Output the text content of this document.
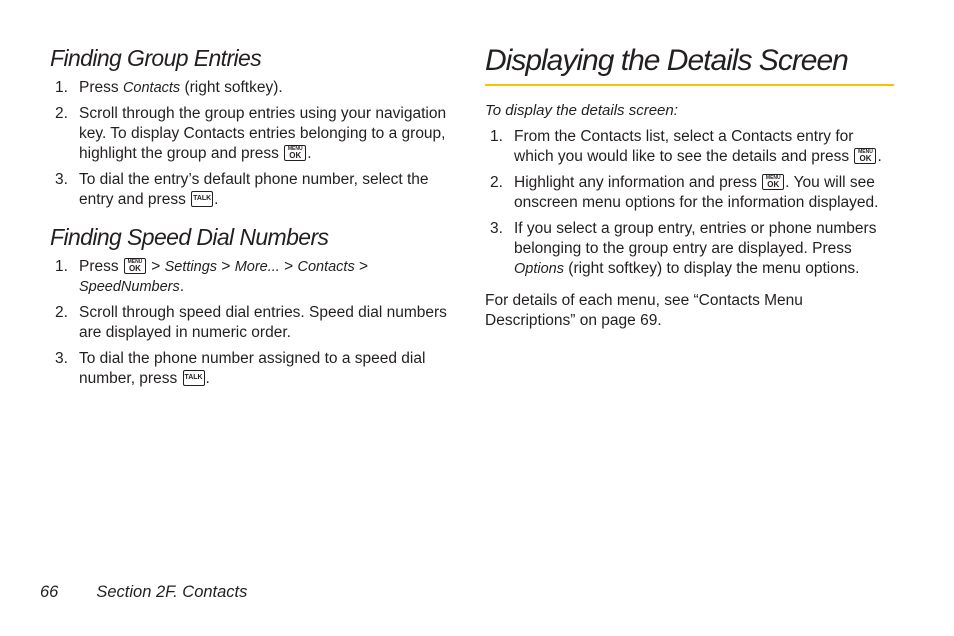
Finding Group Entries
1. Press Contacts (right softkey).
2. Scroll through the group entries using your navigation key. To display Contacts entries belonging to a group, highlight the group and press MENU
OK .
3. To dial the entry’s default phone number, select the entry and press TALK .
Finding Speed Dial Numbers
1. Press MENU
OK > Settings > More... > Contacts > SpeedNumbers.
2. Scroll through speed dial entries. Speed dial numbers are displayed in numeric order.
3. To dial the phone number assigned to a speed dial number, press TALK .
Displaying the Details Screen

To display the details screen:

1. From the Contacts list, select a Contacts entry for which you would like to see the details and press MENU
OK .
2. Highlight any information and press MENU
OK . You will see onscreen menu options for the information displayed.
3. If you select a group entry, entries or phone numbers belonging to the group entry are displayed. Press Options (right softkey) to display the menu options.

For details of each menu, see “Contacts Menu Descriptions” on page 69.

66 Section 2F. Contacts
